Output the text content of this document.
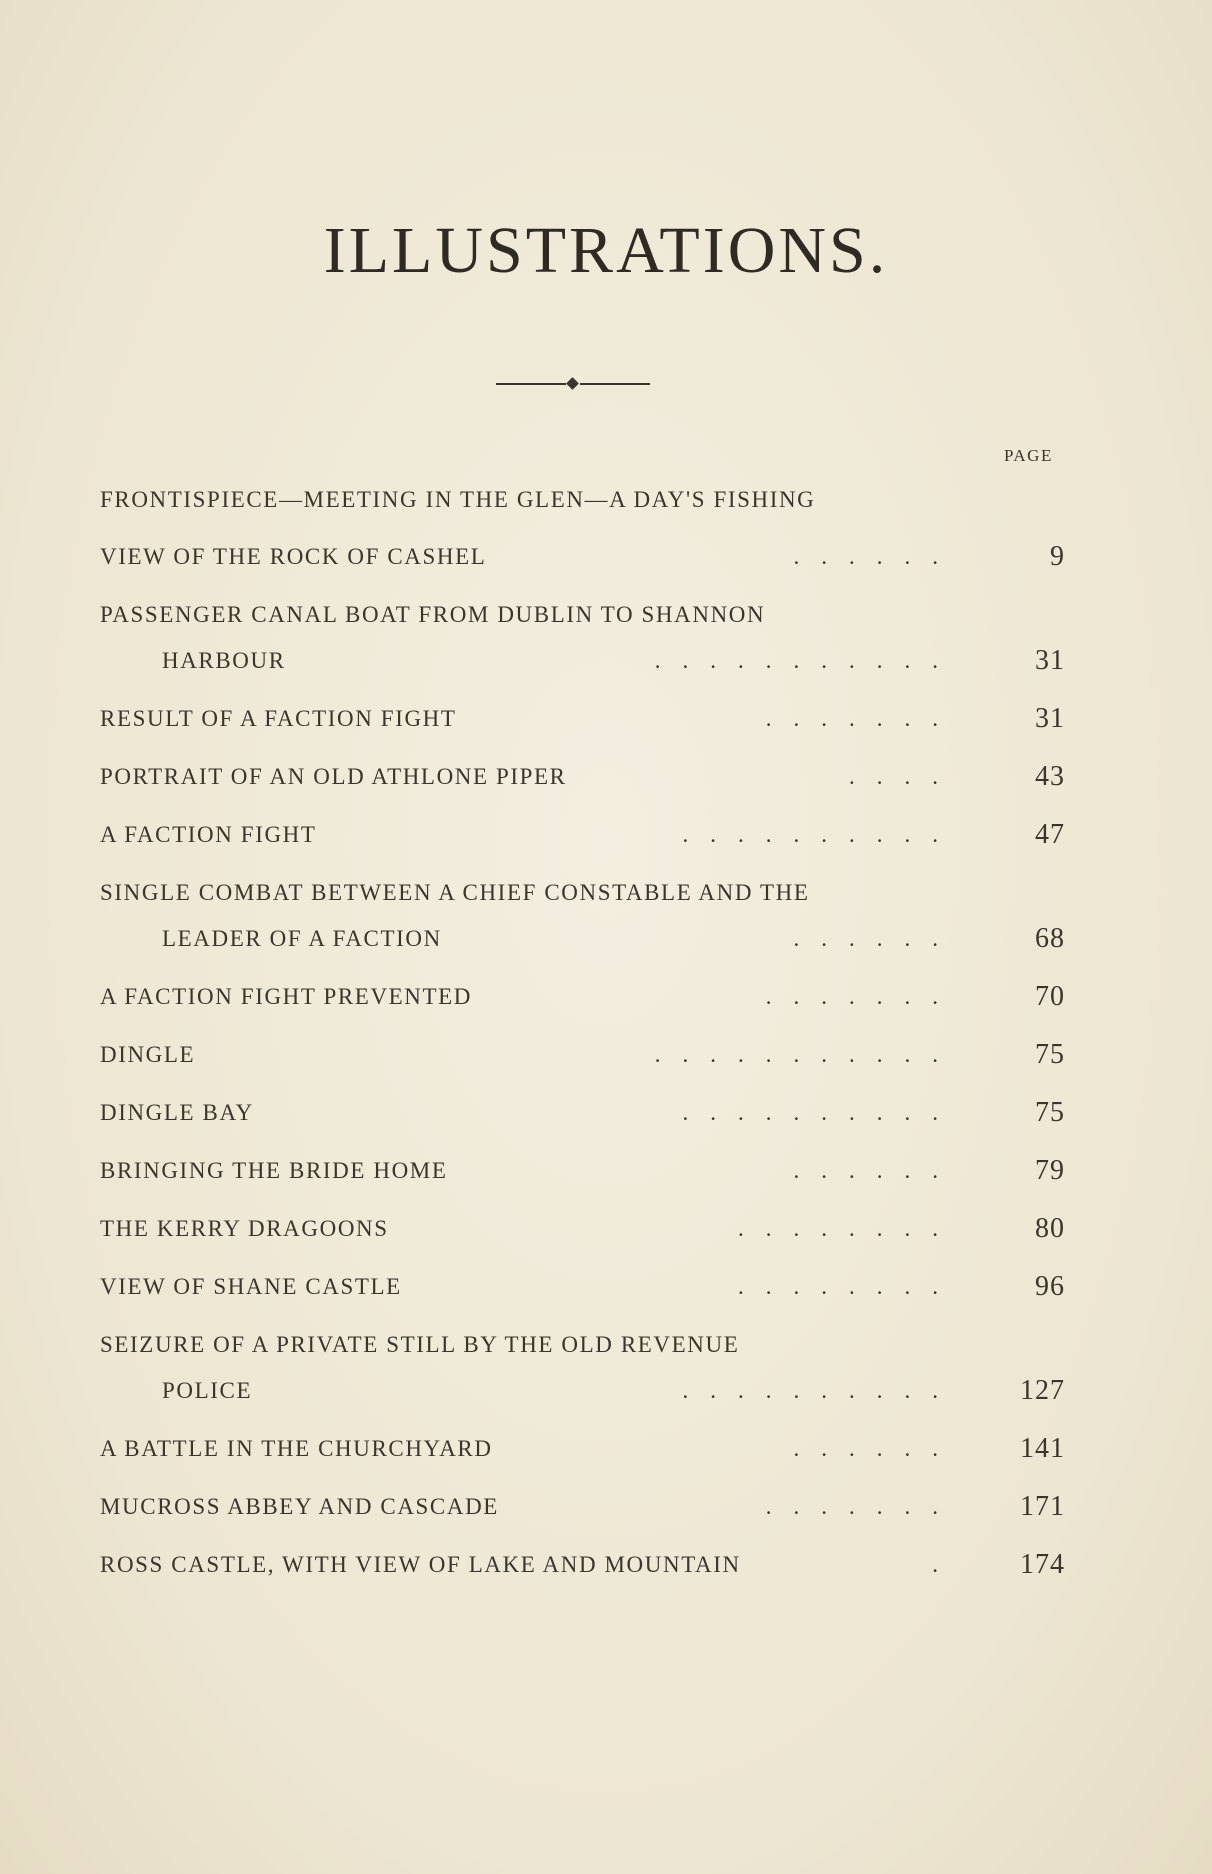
ILLUSTRATIONS.
PAGE
FRONTISPIECE—MEETING IN THE GLEN—A DAY'S FISHING
VIEW OF THE ROCK OF CASHEL	......	9
PASSENGER CANAL BOAT FROM DUBLIN TO SHANNON
HARBOUR	...........	31
RESULT OF A FACTION FIGHT	.......	31
PORTRAIT OF AN OLD ATHLONE PIPER	....	43
A FACTION FIGHT	..........	47
SINGLE COMBAT BETWEEN A CHIEF CONSTABLE AND THE
LEADER OF A FACTION	......	68
A FACTION FIGHT PREVENTED	.......	70
DINGLE	...........	75
DINGLE BAY	..........	75
BRINGING THE BRIDE HOME	......	79
THE KERRY DRAGOONS	........	80
VIEW OF SHANE CASTLE	........	96
SEIZURE OF A PRIVATE STILL BY THE OLD REVENUE
POLICE	..........	127
A BATTLE IN THE CHURCHYARD	......	141
MUCROSS ABBEY AND CASCADE	.......	171
ROSS CASTLE, WITH VIEW OF LAKE AND MOUNTAIN	.	174
